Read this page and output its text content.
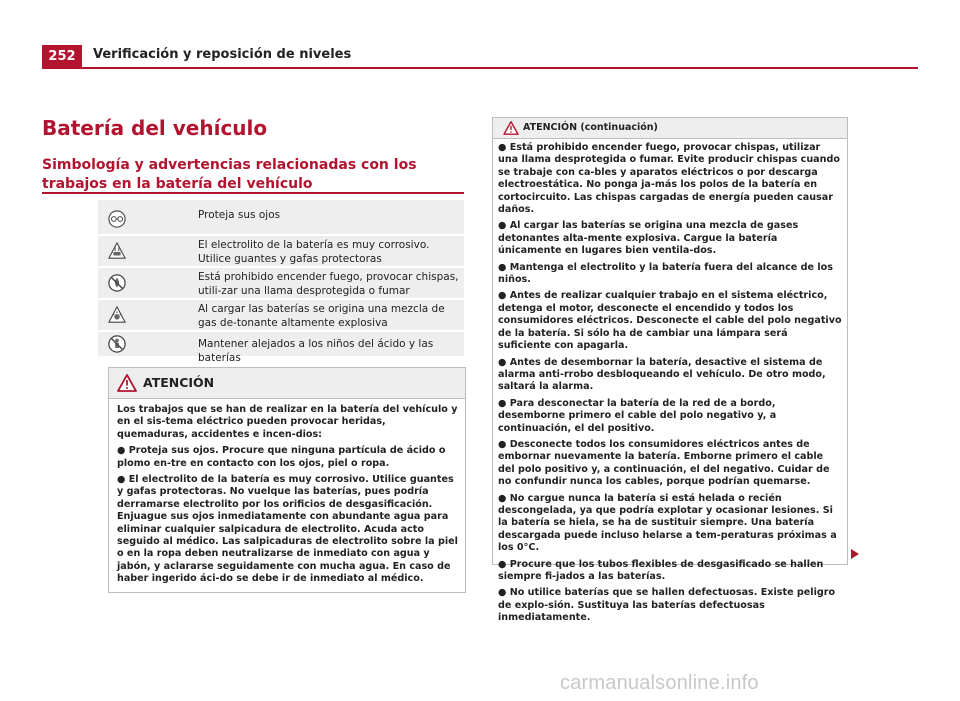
252	Verificación y reposición de niveles
Batería del vehículo
Simbología y advertencias relacionadas con los trabajos en la batería del vehículo
Proteja sus ojos
El electrolito de la batería es muy corrosivo. Utilice guantes y gafas protectoras
Está prohibido encender fuego, provocar chispas, utili-zar una llama desprotegida o fumar
Al cargar las baterías se origina una mezcla de gas de-tonante altamente explosiva
Mantener alejados a los niños del ácido y las baterías
ATENCIÓN

Los trabajos que se han de realizar en la batería del vehículo y en el sis-tema eléctrico pueden provocar heridas, quemaduras, accidentes e incen-dios:

● Proteja sus ojos. Procure que ninguna partícula de ácido o plomo en-tre en contacto con los ojos, piel o ropa.

● El electrolito de la batería es muy corrosivo. Utilice guantes y gafas protectoras. No vuelque las baterías, pues podría derramarse electrolito por los orificios de desgasificación. Enjuague sus ojos inmediatamente con abundante agua para eliminar cualquier salpicadura de electrolito. Acuda acto seguido al médico. Las salpicaduras de electrolito sobre la piel o en la ropa deben neutralizarse de inmediato con agua y jabón, y aclararse seguidamente con mucha agua. En caso de haber ingerido áci-do se debe ir de inmediato al médico.

ATENCIÓN (continuación)

● Está prohibido encender fuego, provocar chispas, utilizar una llama desprotegida o fumar. Evite producir chispas cuando se trabaje con ca-bles y aparatos eléctricos o por descarga electroestática. No ponga ja-más los polos de la batería en cortocircuito. Las chispas cargadas de energía pueden causar daños.

● Al cargar las baterías se origina una mezcla de gases detonantes alta-mente explosiva. Cargue la batería únicamente en lugares bien ventila-dos.

● Mantenga el electrolito y la batería fuera del alcance de los niños.

● Antes de realizar cualquier trabajo en el sistema eléctrico, detenga el motor, desconecte el encendido y todos los consumidores eléctricos. Desconecte el cable del polo negativo de la batería. Si sólo ha de cambiar una lámpara será suficiente con apagarla.

● Antes de desembornar la batería, desactive el sistema de alarma anti-rrobo desbloqueando el vehículo. De otro modo, saltará la alarma.

● Para desconectar la batería de la red de a bordo, desemborne primero el cable del polo negativo y, a continuación, el del positivo.

● Desconecte todos los consumidores eléctricos antes de embornar nuevamente la batería. Emborne primero el cable del polo positivo y, a continuación, el del negativo. Cuidar de no confundir nunca los cables, porque podrían quemarse.

● No cargue nunca la batería si está helada o recién descongelada, ya que podría explotar y ocasionar lesiones. Si la batería se hiela, se ha de sustituir siempre. Una batería descargada puede incluso helarse a tem-peraturas próximas a los 0°C.

● Procure que los tubos flexibles de desgasificado se hallen siempre fi-jados a las baterías.

● No utilice baterías que se hallen defectuosas. Existe peligro de explo-sión. Sustituya las baterías defectuosas inmediatamente.

carmanualsonline.info
